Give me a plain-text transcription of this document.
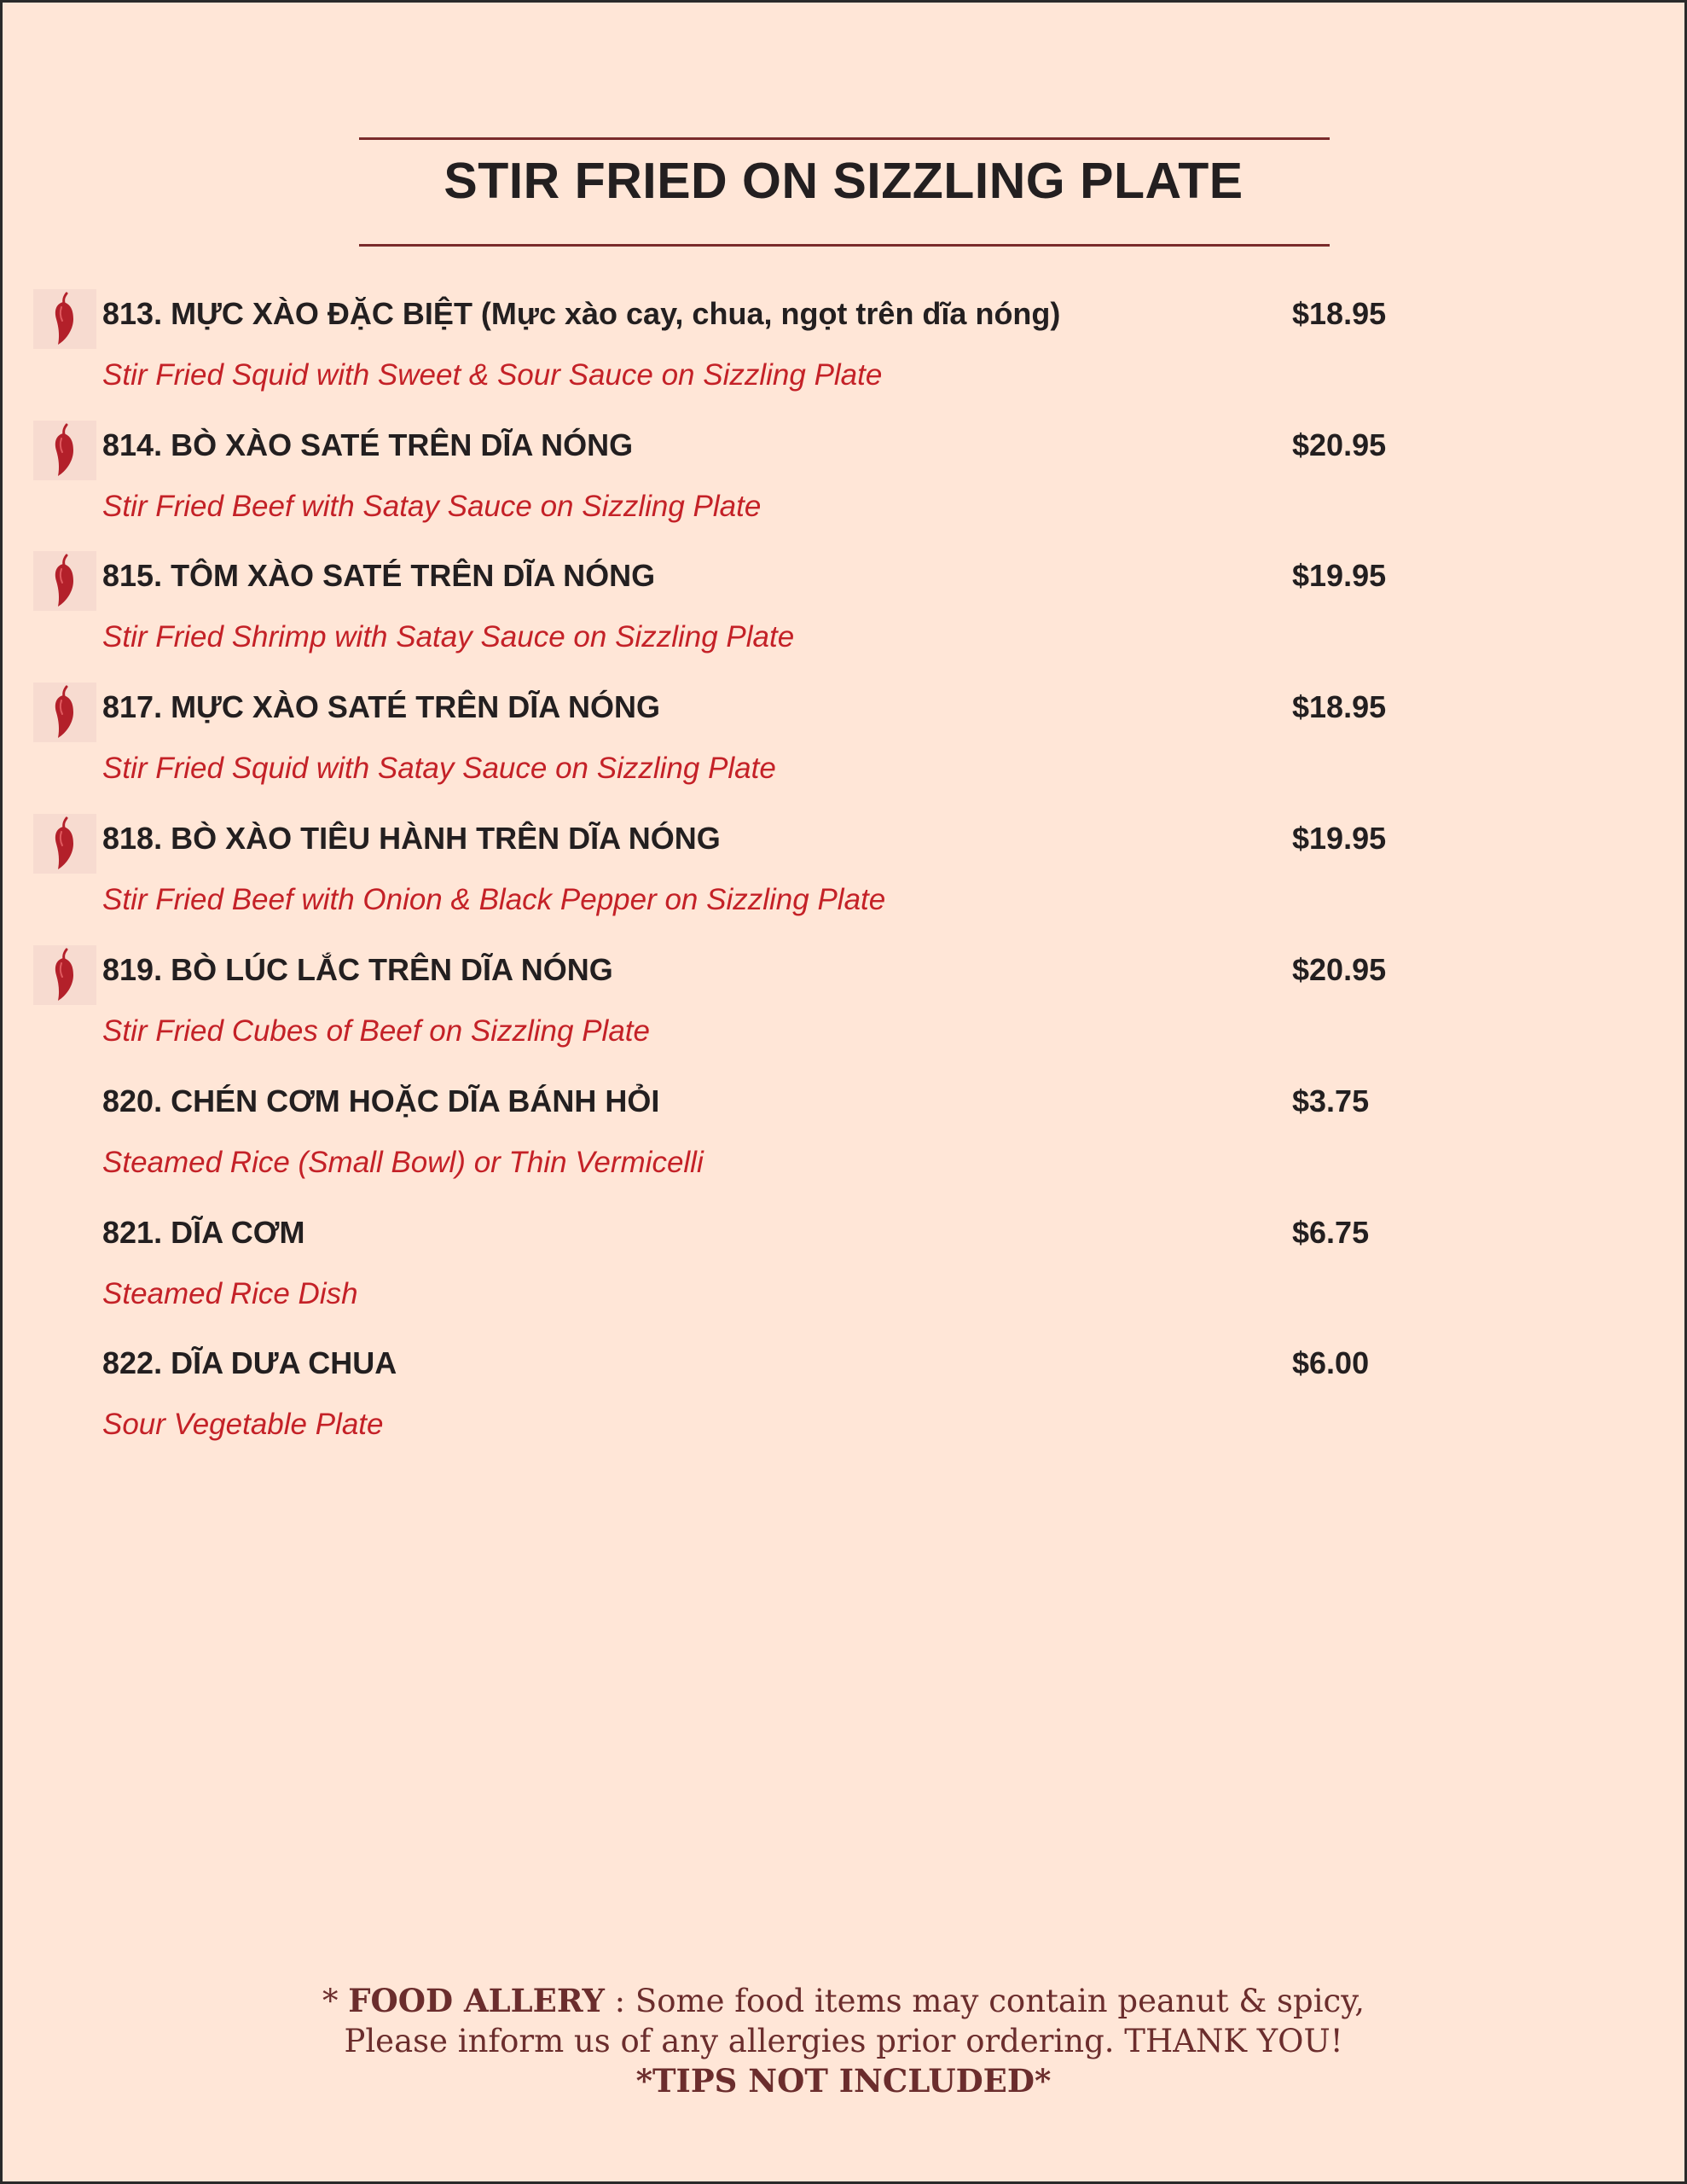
STIR FRIED ON SIZZLING PLATE
813. MỰC XÀO ĐẶC BIỆT (Mực xào cay, chua, ngọt trên dĩa nóng)	$18.95
Stir Fried Squid with Sweet & Sour Sauce on Sizzling Plate
814. BÒ XÀO SATÉ TRÊN DĨA NÓNG	$20.95
Stir Fried Beef with Satay Sauce on Sizzling Plate
815. TÔM XÀO SATÉ TRÊN DĨA NÓNG	$19.95
Stir Fried Shrimp with Satay Sauce on Sizzling Plate
817. MỰC XÀO SATÉ TRÊN DĨA NÓNG	$18.95
Stir Fried Squid with Satay Sauce on Sizzling Plate
818. BÒ XÀO TIÊU HÀNH TRÊN DĨA NÓNG	$19.95
Stir Fried Beef with Onion & Black Pepper on Sizzling Plate
819. BÒ LÚC LẮC TRÊN DĨA NÓNG	$20.95
Stir Fried Cubes of Beef on Sizzling Plate
820. CHÉN CƠM HOẶC DĨA BÁNH HỎI	$3.75
Steamed Rice (Small Bowl) or Thin Vermicelli
821. DĨA CƠM	$6.75
Steamed Rice Dish
822. DĨA DƯA CHUA	$6.00
Sour Vegetable Plate
* FOOD ALLERY : Some food items may contain peanut & spicy,
Please inform us of any allergies prior ordering. THANK YOU!
*TIPS NOT INCLUDED*
